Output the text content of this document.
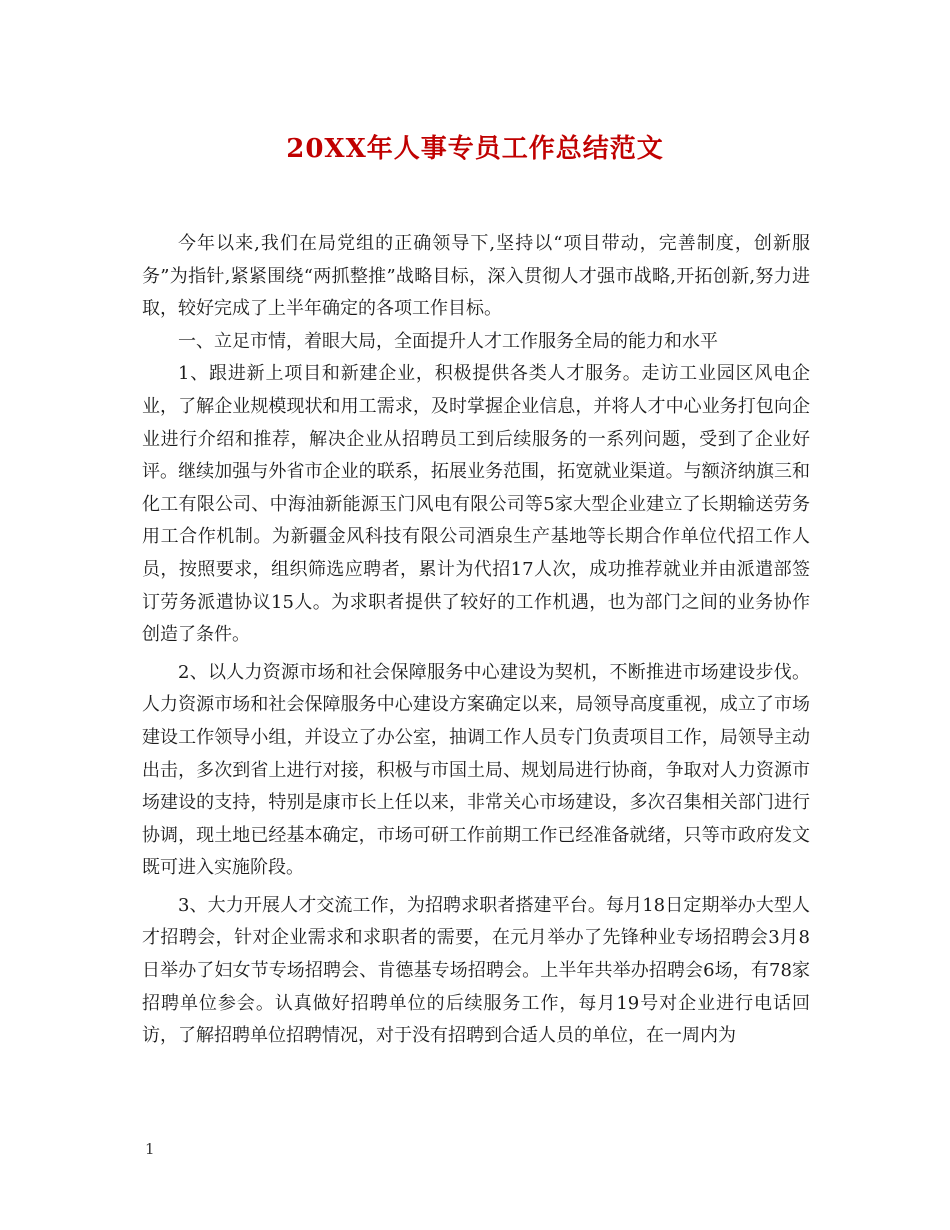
20XX年人事专员工作总结范文

今年以来,我们在局党组的正确领导下,坚持以“项目带动，完善制度，创新服务”为指针,紧紧围绕“两抓整推”战略目标，深入贯彻人才强市战略,开拓创新,努力进取，较好完成了上半年确定的各项工作目标。

一、立足市情，着眼大局，全面提升人才工作服务全局的能力和水平

1、跟进新上项目和新建企业，积极提供各类人才服务。走访工业园区风电企业，了解企业规模现状和用工需求，及时掌握企业信息，并将人才中心业务打包向企业进行介绍和推荐，解决企业从招聘员工到后续服务的一系列问题，受到了企业好评。继续加强与外省市企业的联系，拓展业务范围，拓宽就业渠道。与额济纳旗三和化工有限公司、中海油新能源玉门风电有限公司等5家大型企业建立了长期输送劳务用工合作机制。为新疆金风科技有限公司酒泉生产基地等长期合作单位代招工作人员，按照要求，组织筛选应聘者，累计为代招17人次，成功推荐就业并由派遣部签订劳务派遣协议15人。为求职者提供了较好的工作机遇，也为部门之间的业务协作创造了条件。

2、以人力资源市场和社会保障服务中心建设为契机，不断推进市场建设步伐。人力资源市场和社会保障服务中心建设方案确定以来，局领导高度重视，成立了市场建设工作领导小组，并设立了办公室，抽调工作人员专门负责项目工作，局领导主动出击，多次到省上进行对接，积极与市国土局、规划局进行协商，争取对人力资源市场建设的支持，特别是康市长上任以来，非常关心市场建设，多次召集相关部门进行协调，现土地已经基本确定，市场可研工作前期工作已经准备就绪，只等市政府发文既可进入实施阶段。

3、大力开展人才交流工作，为招聘求职者搭建平台。每月18日定期举办大型人才招聘会，针对企业需求和求职者的需要，在元月举办了先锋种业专场招聘会3月8日举办了妇女节专场招聘会、肯德基专场招聘会。上半年共举办招聘会6场，有78家招聘单位参会。认真做好招聘单位的后续服务工作，每月19号对企业进行电话回访，了解招聘单位招聘情况，对于没有招聘到合适人员的单位，在一周内为

1
